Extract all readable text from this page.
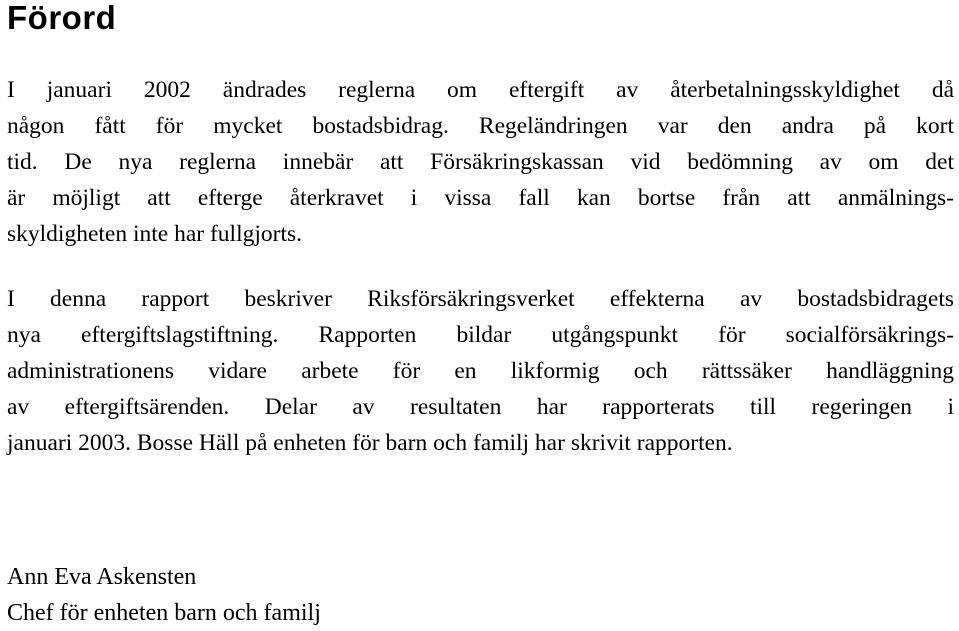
Förord
I januari 2002 ändrades reglerna om eftergift av återbetalningsskyldighet då
någon fått för mycket bostadsbidrag. Regeländringen var den andra på kort
tid. De nya reglerna innebär att Försäkringskassan vid bedömning av om det
är möjligt att efterge återkravet i vissa fall kan bortse från att anmälnings-
skyldigheten inte har fullgjorts.
I denna rapport beskriver Riksförsäkringsverket effekterna av bostadsbidragets
nya eftergiftslagstiftning. Rapporten bildar utgångspunkt för socialförsäkrings-
administrationens vidare arbete för en likformig och rättssäker handläggning
av eftergiftsärenden. Delar av resultaten har rapporterats till regeringen i
januari 2003. Bosse Häll på enheten för barn och familj har skrivit rapporten.
Ann Eva Askensten
Chef för enheten barn och familj
